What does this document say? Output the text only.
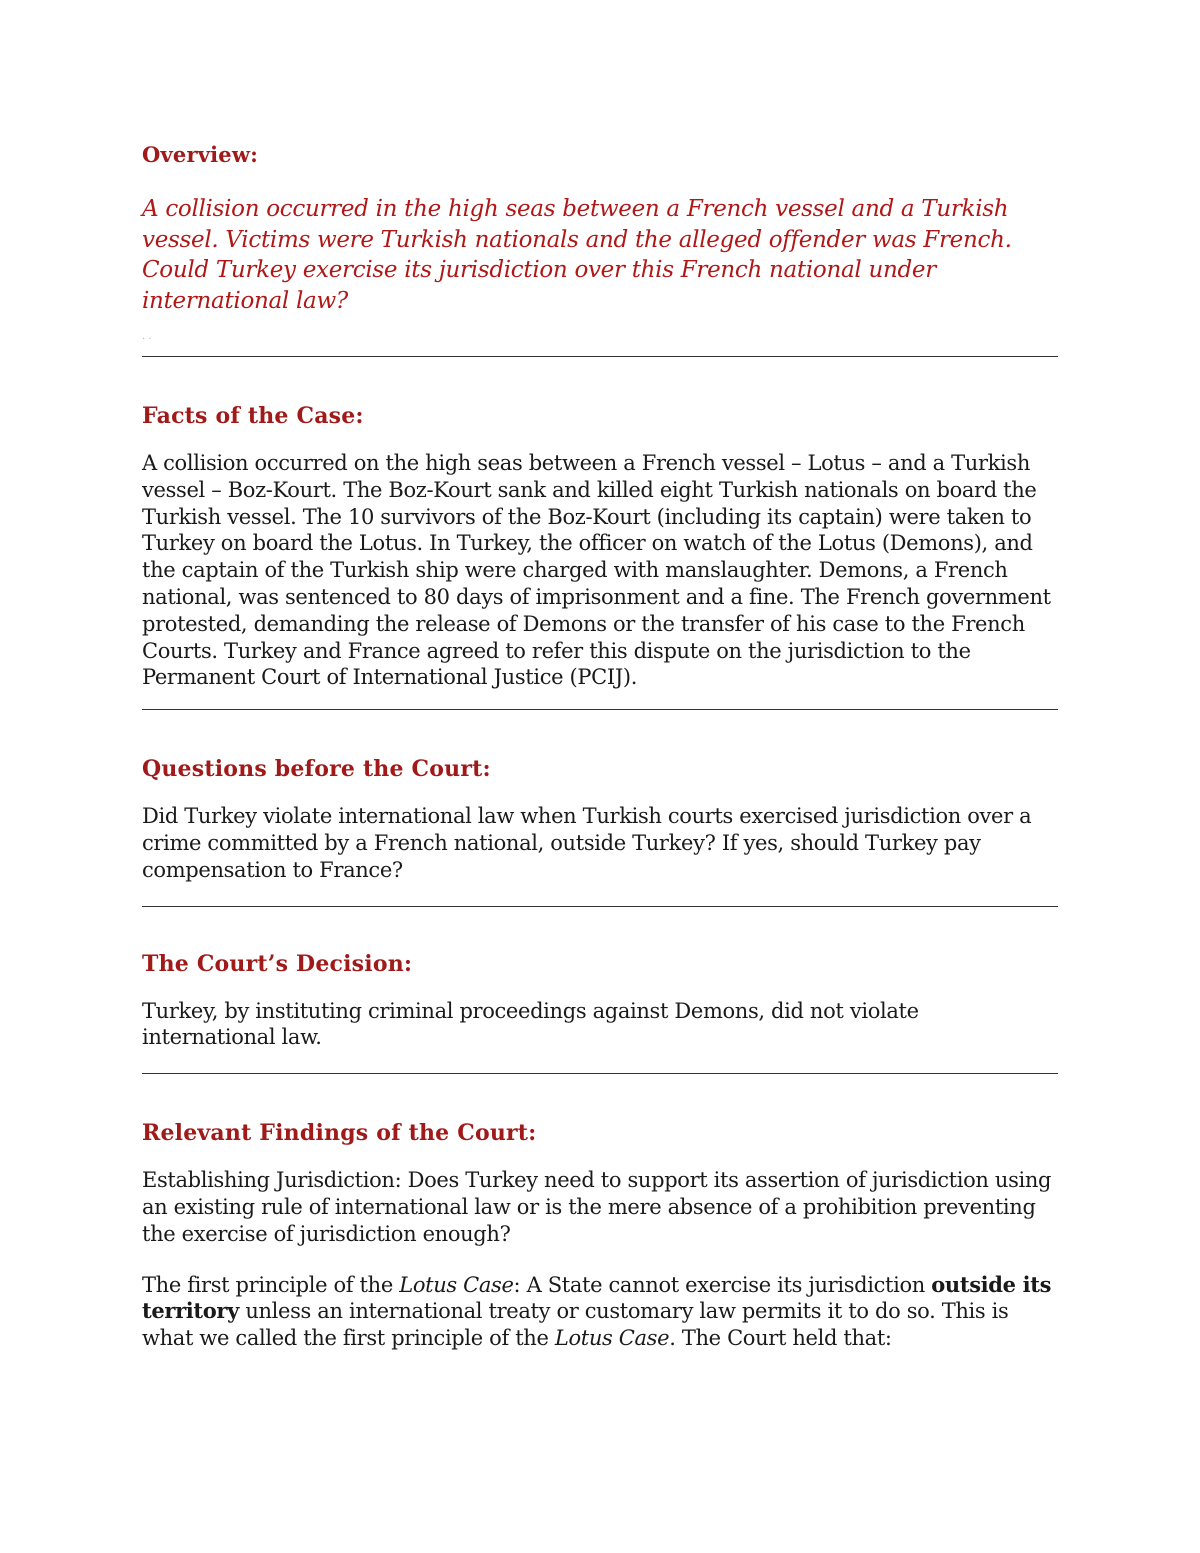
Overview:

A collision occurred in the high seas between a French vessel and a Turkish vessel. Victims were Turkish nationals and the alleged offender was French. Could Turkey exercise its jurisdiction over this French national under international law?

. .
Facts of the Case:

A collision occurred on the high seas between a French vessel – Lotus – and a Turkish vessel – Boz-Kourt. The Boz-Kourt sank and killed eight Turkish nationals on board the Turkish vessel. The 10 survivors of the Boz-Kourt (including its captain) were taken to Turkey on board the Lotus. In Turkey, the officer on watch of the Lotus (Demons), and the captain of the Turkish ship were charged with manslaughter. Demons, a French national, was sentenced to 80 days of imprisonment and a fine. The French government protested, demanding the release of Demons or the transfer of his case to the French Courts. Turkey and France agreed to refer this dispute on the jurisdiction to the Permanent Court of International Justice (PCIJ).

Questions before the Court:

Did Turkey violate international law when Turkish courts exercised jurisdiction over a crime committed by a French national, outside Turkey? If yes, should Turkey pay compensation to France?

The Court’s Decision:

Turkey, by instituting criminal proceedings against Demons, did not violate international law.

Relevant Findings of the Court:

Establishing Jurisdiction: Does Turkey need to support its assertion of jurisdiction using an existing rule of international law or is the mere absence of a prohibition preventing the exercise of jurisdiction enough?

The first principle of the Lotus Case: A State cannot exercise its jurisdiction outside its territory unless an international treaty or customary law permits it to do so. This is what we called the first principle of the Lotus Case. The Court held that:
